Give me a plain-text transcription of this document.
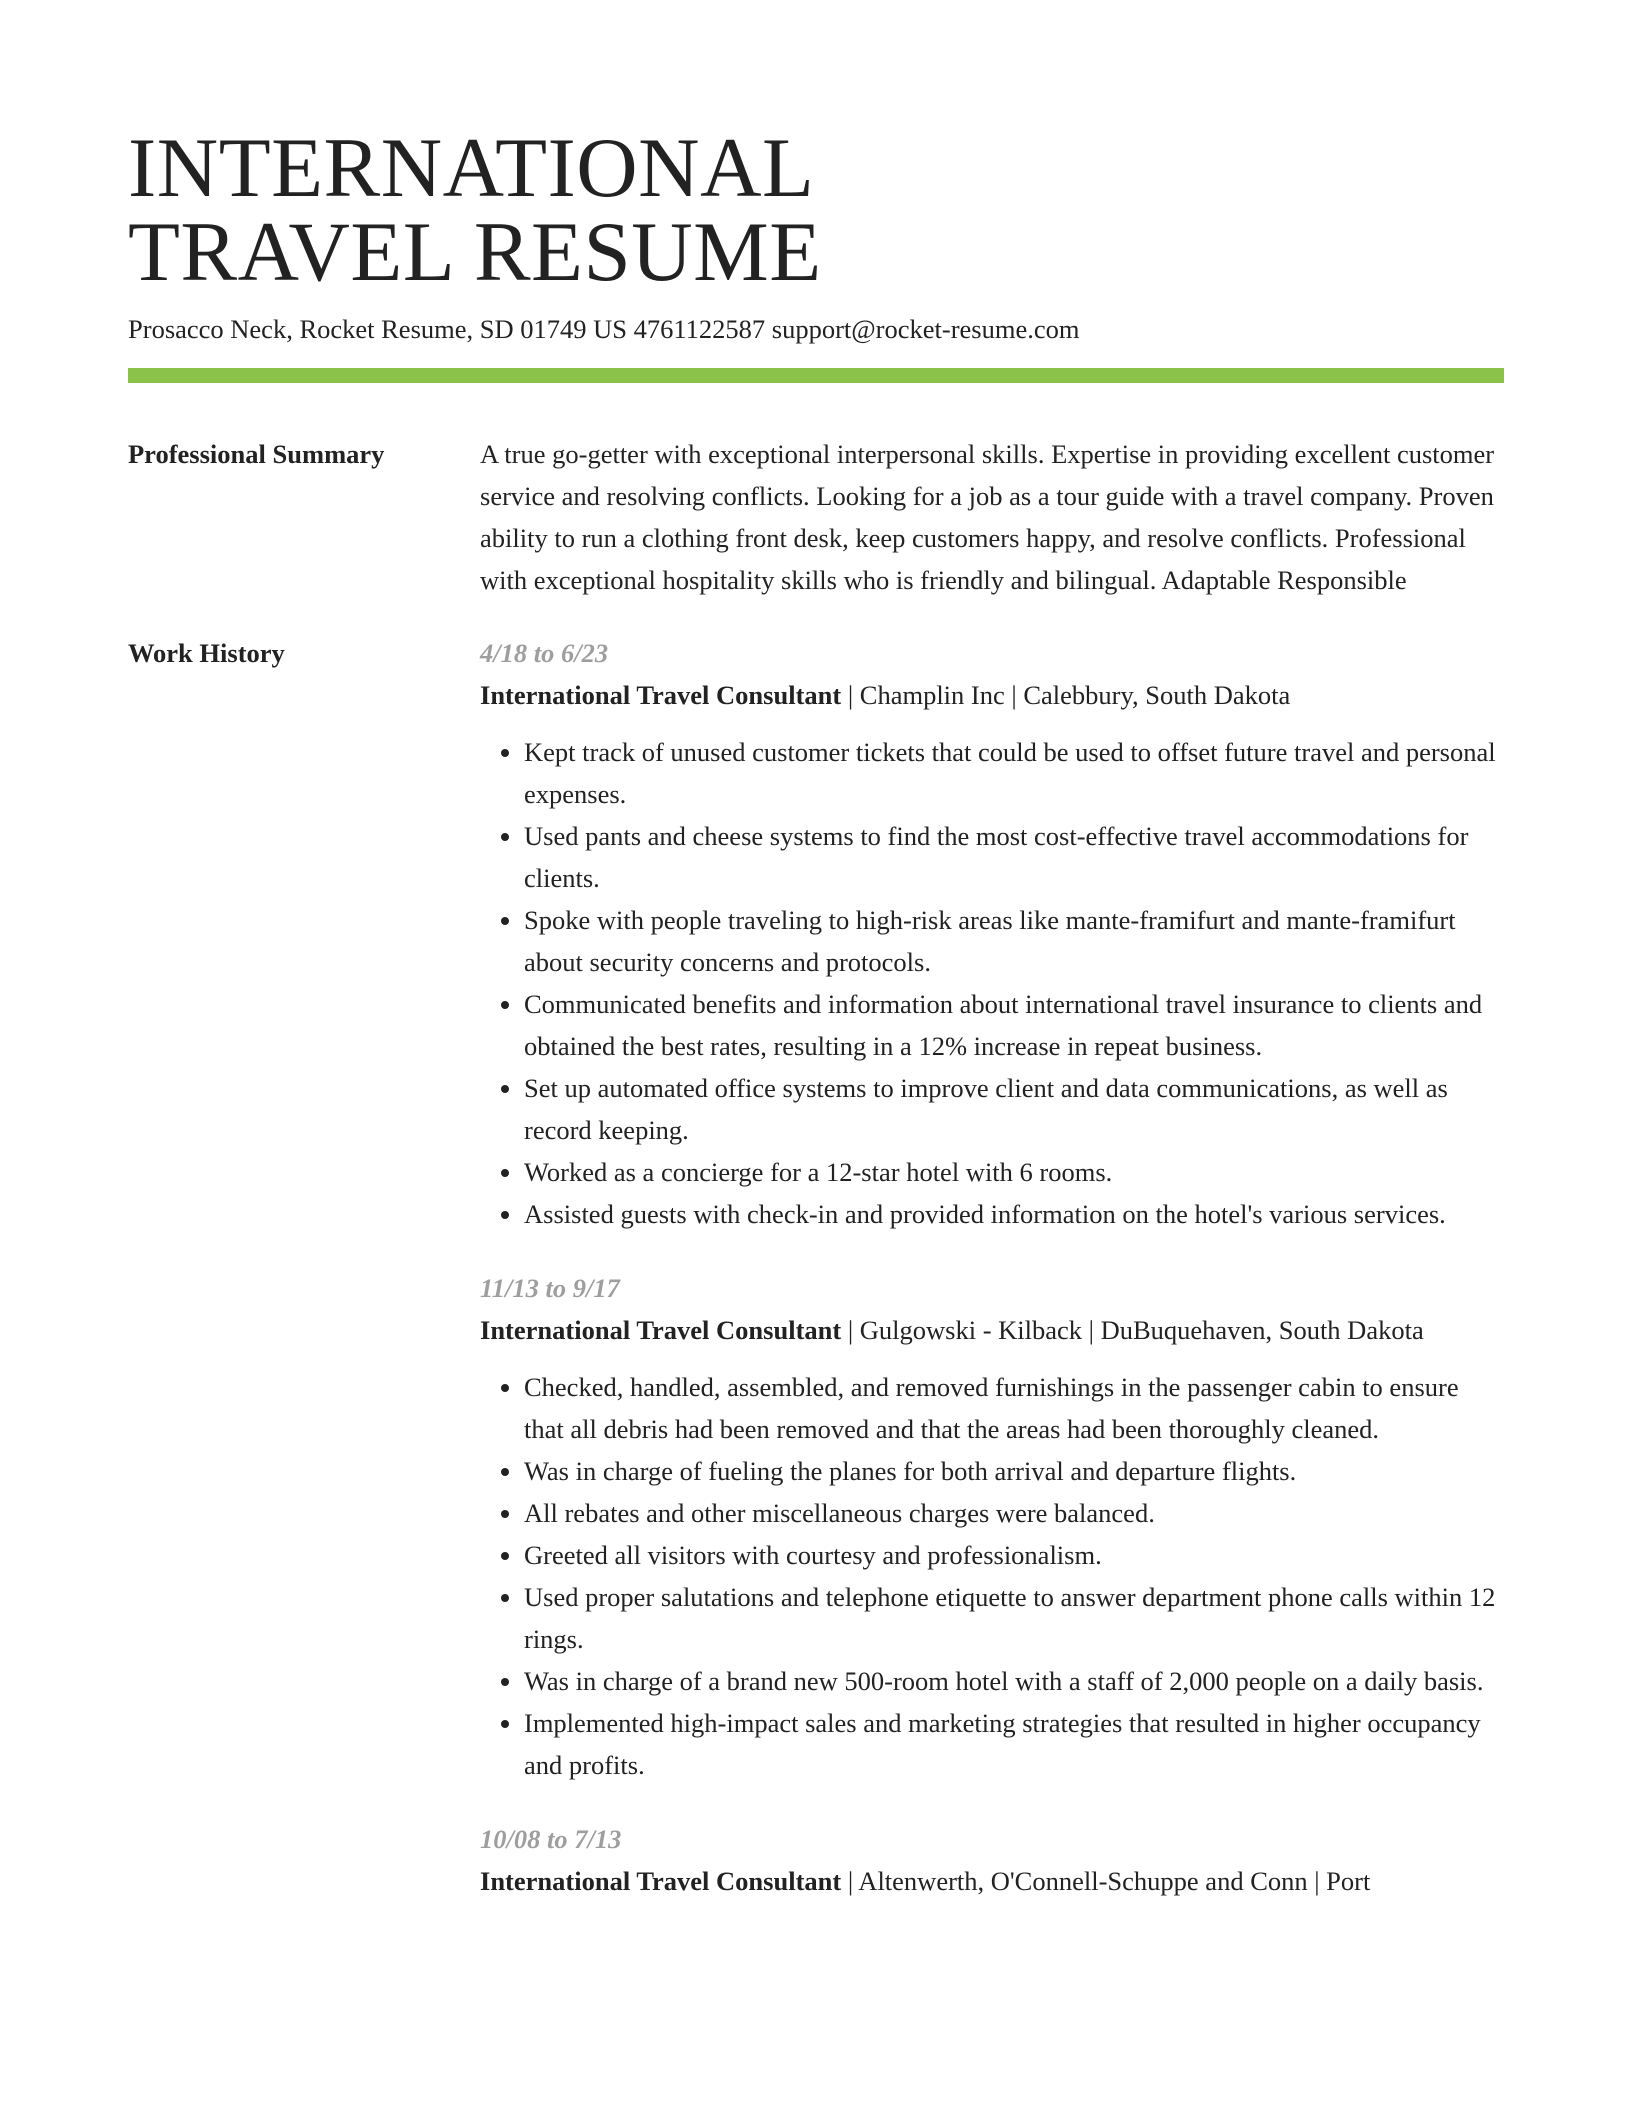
INTERNATIONAL
TRAVEL RESUME
Prosacco Neck, Rocket Resume, SD 01749 US 4761122587 support@rocket-resume.com
Professional Summary	A true go-getter with exceptional interpersonal skills. Expertise in providing excellent customer service and resolving conflicts. Looking for a job as a tour guide with a travel company. Proven ability to run a clothing front desk, keep customers happy, and resolve conflicts. Professional with exceptional hospitality skills who is friendly and bilingual. Adaptable Responsible

Work History	4/18 to 6/23

International Travel Consultant | Champlin Inc | Calebbury, South Dakota

• Kept track of unused customer tickets that could be used to offset future travel and personal expenses.
• Used pants and cheese systems to find the most cost-effective travel accommodations for clients.
• Spoke with people traveling to high-risk areas like mante-framifurt and mante-framifurt about security concerns and protocols.
• Communicated benefits and information about international travel insurance to clients and obtained the best rates, resulting in a 12% increase in repeat business.
• Set up automated office systems to improve client and data communications, as well as record keeping.
• Worked as a concierge for a 12-star hotel with 6 rooms.
• Assisted guests with check-in and provided information on the hotel's various services.
11/13 to 9/17

International Travel Consultant | Gulgowski - Kilback | DuBuquehaven, South Dakota

• Checked, handled, assembled, and removed furnishings in the passenger cabin to ensure that all debris had been removed and that the areas had been thoroughly cleaned.
• Was in charge of fueling the planes for both arrival and departure flights.
• All rebates and other miscellaneous charges were balanced.
• Greeted all visitors with courtesy and professionalism.
• Used proper salutations and telephone etiquette to answer department phone calls within 12 rings.
• Was in charge of a brand new 500-room hotel with a staff of 2,000 people on a daily basis.
• Implemented high-impact sales and marketing strategies that resulted in higher occupancy and profits.
10/08 to 7/13

International Travel Consultant | Altenwerth, O'Connell-Schuppe and Conn | Port
